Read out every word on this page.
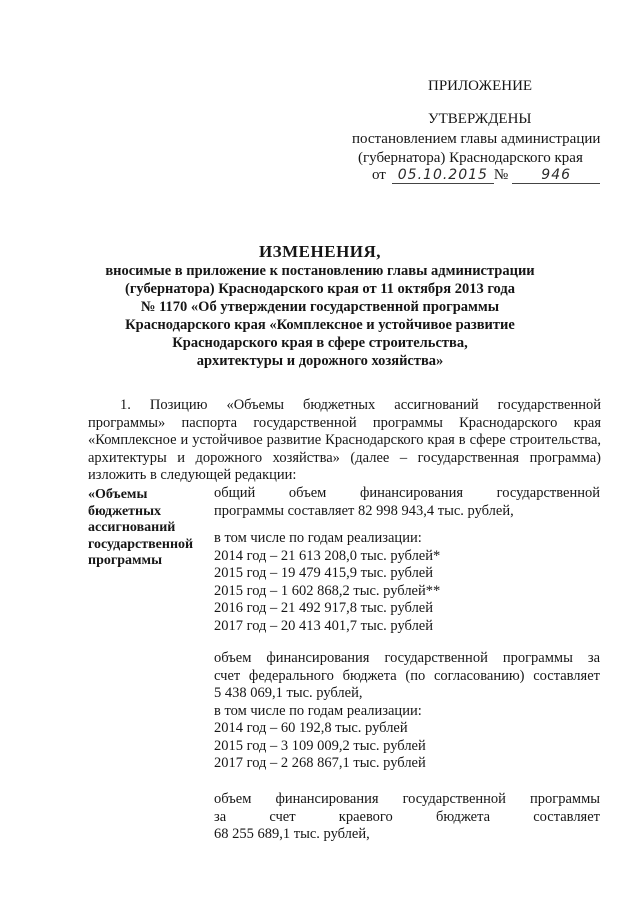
ПРИЛОЖЕНИЕ
УТВЕРЖДЕНЫ
постановлением главы администрации
(губернатора) Краснодарского края
от 05.10.2015 № 946
ИЗМЕНЕНИЯ,
вносимые в приложение к постановлению главы администрации
(губернатора) Краснодарского края от 11 октября 2013 года
№ 1170 «Об утверждении государственной программы
Краснодарского края «Комплексное и устойчивое развитие
Краснодарского края в сфере строительства,
архитектуры и дорожного хозяйства»
1. Позицию «Объемы бюджетных ассигнований государственной программы» паспорта государственной программы Краснодарского края «Комплексное и устойчивое развитие Краснодарского края в сфере строительства, архитектуры и дорожного хозяйства» (далее – государственная программа) изложить в следующей редакции:
«Объемы
бюджетных
ассигнований
государственной
программы
общий объем финансирования государственной
программы составляет 82 998 943,4 тыс. рублей,
в том числе по годам реализации:
2014 год – 21 613 208,0 тыс. рублей*
2015 год – 19 479 415,9 тыс. рублей
2015 год – 1 602 868,2 тыс. рублей**
2016 год – 21 492 917,8 тыс. рублей
2017 год – 20 413 401,7 тыс. рублей
объем финансирования государственной программы за
счет федерального бюджета (по согласованию) составляет
5 438 069,1 тыс. рублей,
в том числе по годам реализации:
2014 год – 60 192,8 тыс. рублей
2015 год – 3 109 009,2 тыс. рублей
2017 год – 2 268 867,1 тыс. рублей
объем финансирования государственной программы
за счет краевого бюджета составляет
68 255 689,1 тыс. рублей,
